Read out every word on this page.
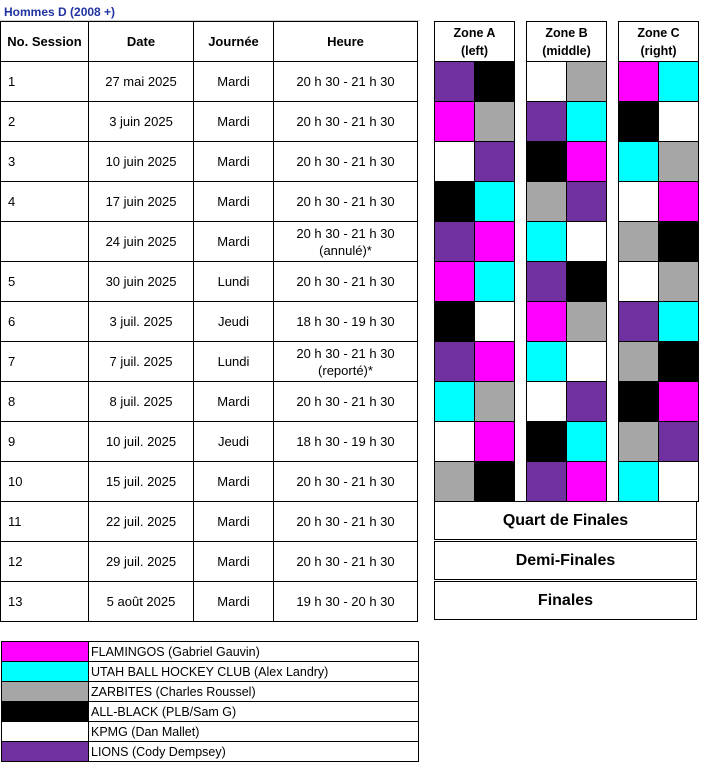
Hommes D (2008 +)
No. Session	Date	Journée	Heure
1	27 mai 2025	Mardi	20 h 30 - 21 h 30
2	3 juin 2025	Mardi	20 h 30 - 21 h 30
3	10 juin 2025	Mardi	20 h 30 - 21 h 30
4	17 juin 2025	Mardi	20 h 30 - 21 h 30
	24 juin 2025	Mardi	20 h 30 - 21 h 30
(annulé)*
5	30 juin 2025	Lundi	20 h 30 - 21 h 30
6	3 juil. 2025	Jeudi	18 h 30 - 19 h 30
7	7 juil. 2025	Lundi	20 h 30 - 21 h 30
(reporté)*
8	8 juil. 2025	Mardi	20 h 30 - 21 h 30
9	10 juil. 2025	Jeudi	18 h 30 - 19 h 30
10	15 juil. 2025	Mardi	20 h 30 - 21 h 30
11	22 juil. 2025	Mardi	20 h 30 - 21 h 30
12	29 juil. 2025	Mardi	20 h 30 - 21 h 30
13	5 août 2025	Mardi	19 h 30 - 20 h 30
Zone A
(left)	

Zone B
(middle)	

Zone C
(right)	

Quart de Finales
Demi-Finales
Finales
	FLAMINGOS (Gabriel Gauvin)
	UTAH BALL HOCKEY CLUB (Alex Landry)
	ZARBITES (Charles Roussel)
	ALL-BLACK (PLB/Sam G)
	KPMG (Dan Mallet)
	LIONS (Cody Dempsey)
